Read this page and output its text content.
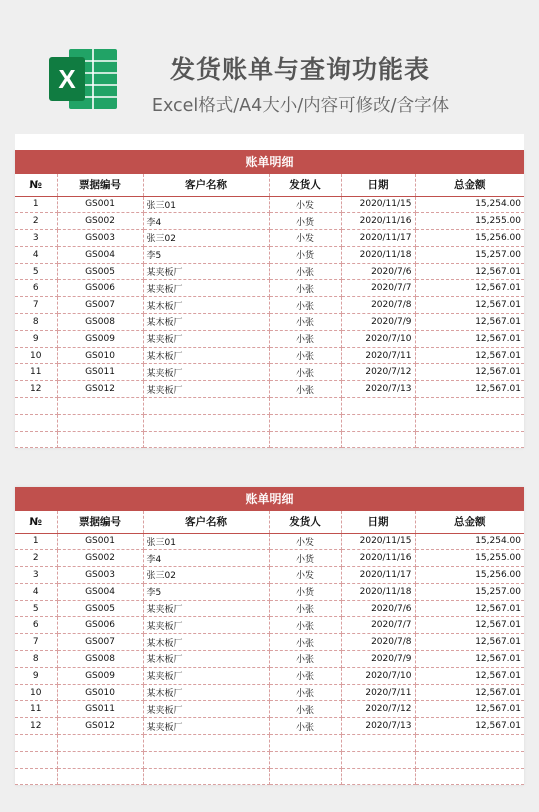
X	发货账单与查询功能表
Excel格式/A4大小/内容可修改/含字体
账单明细
№	票据编号	客户名称	发货人	日期	总金额
1	GS001	张三01	小发	2020/11/15	15,254.00
2	GS002	李4	小货	2020/11/16	15,255.00
3	GS003	张三02	小发	2020/11/17	15,256.00
4	GS004	李5	小货	2020/11/18	15,257.00
5	GS005	某夹板厂	小张	2020/7/6	12,567.01
6	GS006	某夹板厂	小张	2020/7/7	12,567.01
7	GS007	某木板厂	小张	2020/7/8	12,567.01
8	GS008	某木板厂	小张	2020/7/9	12,567.01
9	GS009	某夹板厂	小张	2020/7/10	12,567.01
10	GS010	某木板厂	小张	2020/7/11	12,567.01
11	GS011	某夹板厂	小张	2020/7/12	12,567.01
12	GS012	某夹板厂	小张	2020/7/13	12,567.01

账单明细
№	票据编号	客户名称	发货人	日期	总金额
1	GS001	张三01	小发	2020/11/15	15,254.00
2	GS002	李4	小货	2020/11/16	15,255.00
3	GS003	张三02	小发	2020/11/17	15,256.00
4	GS004	李5	小货	2020/11/18	15,257.00
5	GS005	某夹板厂	小张	2020/7/6	12,567.01
6	GS006	某夹板厂	小张	2020/7/7	12,567.01
7	GS007	某木板厂	小张	2020/7/8	12,567.01
8	GS008	某木板厂	小张	2020/7/9	12,567.01
9	GS009	某夹板厂	小张	2020/7/10	12,567.01
10	GS010	某木板厂	小张	2020/7/11	12,567.01
11	GS011	某夹板厂	小张	2020/7/12	12,567.01
12	GS012	某夹板厂	小张	2020/7/13	12,567.01
